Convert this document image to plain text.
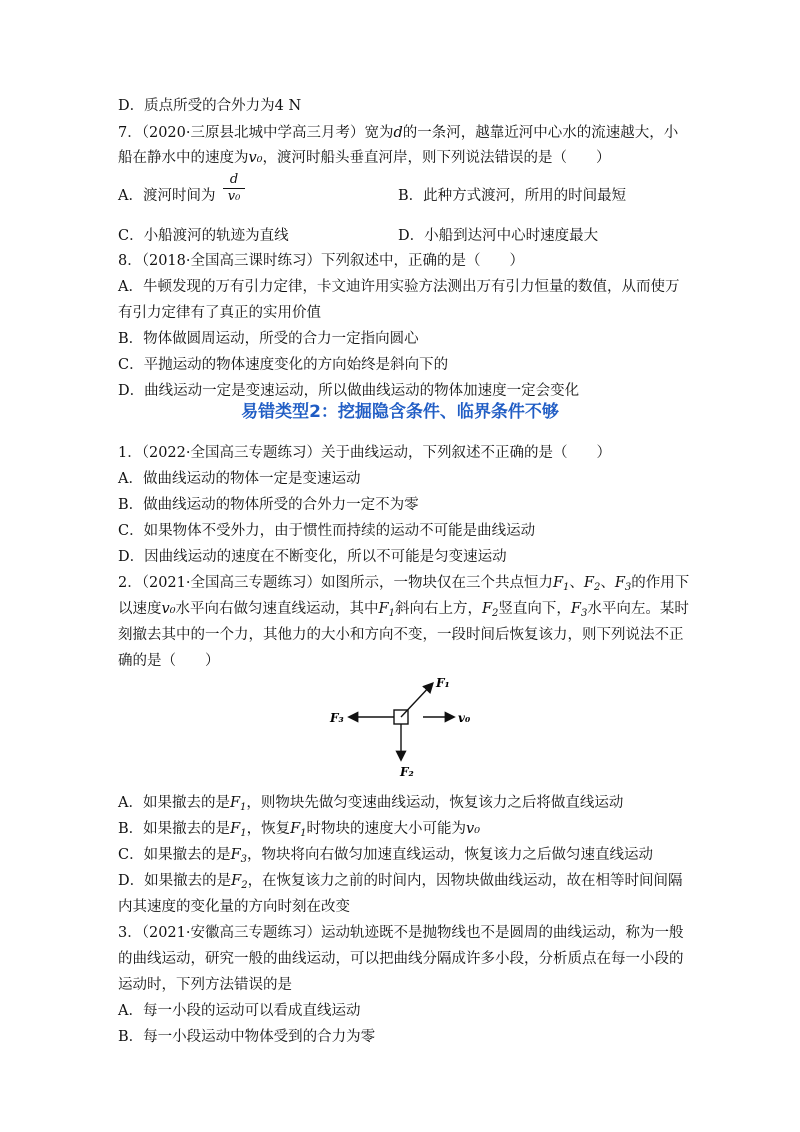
D．质点所受的合外力为4 N
7．（2020·三原县北城中学高三月考）宽为d的一条河，越靠近河中心水的流速越大，小
船在静水中的速度为v₀，渡河时船头垂直河岸，则下列说法错误的是（　　）
A．渡河时间为
d
v₀	B．此种方式渡河，所用的时间最短
C．小船渡河的轨迹为直线	D．小船到达河中心时速度最大
8．（2018·全国高三课时练习）下列叙述中，正确的是（　　）
A．牛顿发现的万有引力定律，卡文迪许用实验方法测出万有引力恒量的数值，从而使万
有引力定律有了真正的实用价值
B．物体做圆周运动，所受的合力一定指向圆心
C．平抛运动的物体速度变化的方向始终是斜向下的
D．曲线运动一定是变速运动，所以做曲线运动的物体加速度一定会变化
易错类型2：挖掘隐含条件、临界条件不够
1．（2022·全国高三专题练习）关于曲线运动，下列叙述不正确的是（　　）
A．做曲线运动的物体一定是变速运动
B．做曲线运动的物体所受的合外力一定不为零
C．如果物体不受外力，由于惯性而持续的运动不可能是曲线运动
D．因曲线运动的速度在不断变化，所以不可能是匀变速运动
2．（2021·全国高三专题练习）如图所示，一物块仅在三个共点恒力$F_1$、$F_2$、$F_3$的作用下
以速度v₀水平向右做匀速直线运动，其中$F_1$斜向右上方，$F_2$竖直向下，$F_3$水平向左。某时
刻撤去其中的一个力，其他力的大小和方向不变，一段时间后恢复该力，则下列说法不正
确的是（　　）
F₁
F₃
F₂
v₀
A．如果撤去的是$F_1$，则物块先做匀变速曲线运动，恢复该力之后将做直线运动
B．如果撤去的是$F_1$，恢复$F_1$时物块的速度大小可能为v₀
C．如果撤去的是$F_3$，物块将向右做匀加速直线运动，恢复该力之后做匀速直线运动
D．如果撤去的是$F_2$，在恢复该力之前的时间内，因物块做曲线运动，故在相等时间间隔
内其速度的变化量的方向时刻在改变
3．（2021·安徽高三专题练习）运动轨迹既不是抛物线也不是圆周的曲线运动，称为一般
的曲线运动，研究一般的曲线运动，可以把曲线分隔成许多小段，分析质点在每一小段的
运动时，下列方法错误的是
A．每一小段的运动可以看成直线运动
B．每一小段运动中物体受到的合力为零
